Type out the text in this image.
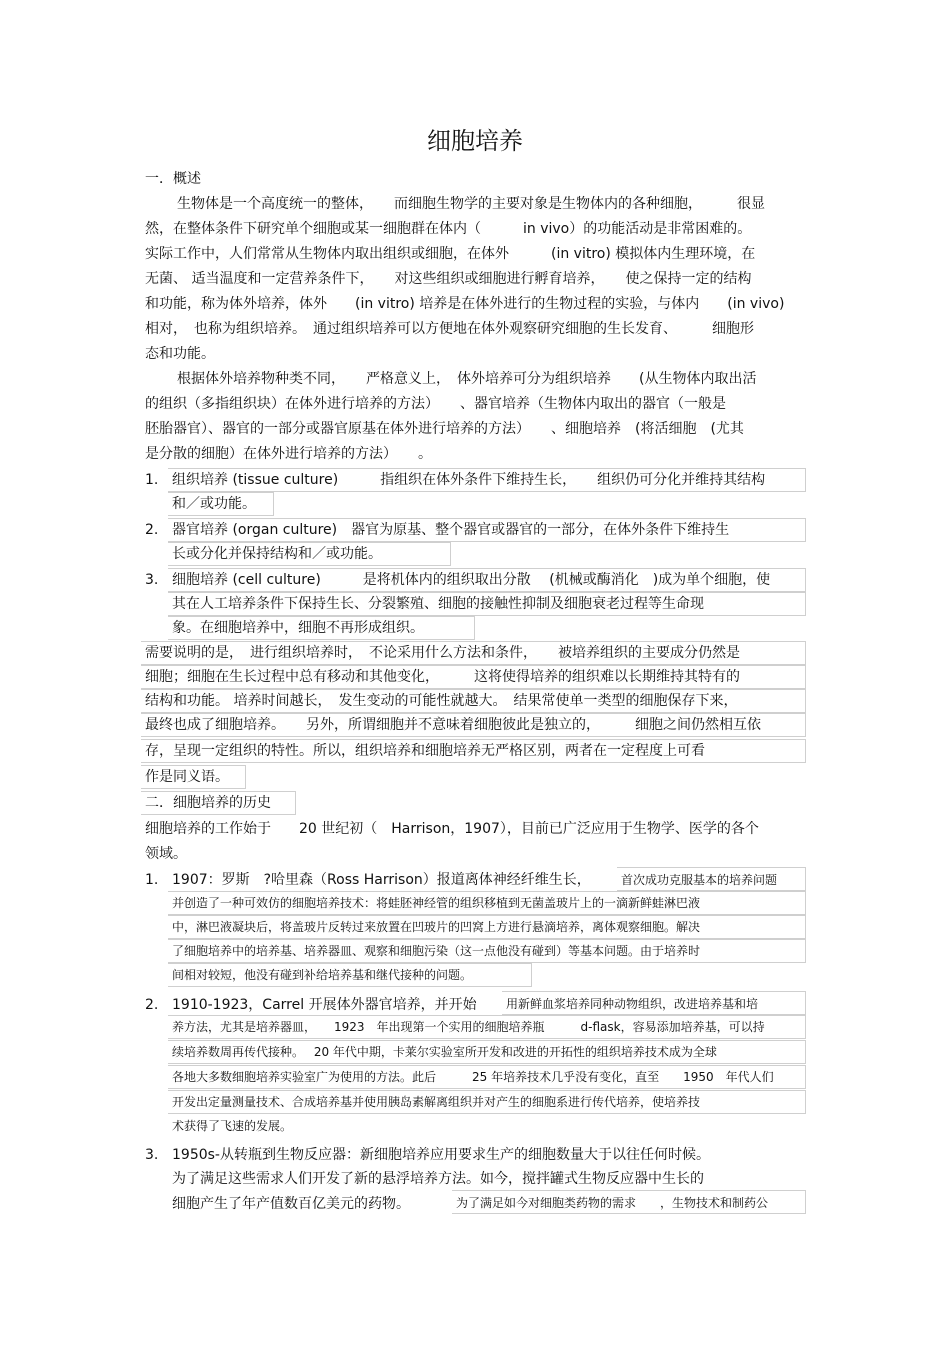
细胞培养
一．概述
生物体是一个高度统一的整体，　　而细胞生物学的主要对象是生物体内的各种细胞，　　　很显
然，在整体条件下研究单个细胞或某一细胞群在体内（　　　in vivo）的功能活动是非常困难的。
实际工作中，人们常常从生物体内取出组织或细胞，在体外　　　(in vitro) 模拟体内生理环境，在
无菌、 适当温度和一定营养条件下，　　对这些组织或细胞进行孵育培养，　　使之保持一定的结构
和功能，称为体外培养，体外　　(in vitro) 培养是在体外进行的生物过程的实验，与体内　　(in vivo)
相对，　也称为组织培养。　通过组织培养可以方便地在体外观察研究细胞的生长发育、　　　细胞形
态和功能。
根据体外培养物种类不同，　　严格意义上，　体外培养可分为组织培养　　(从生物体内取出活
的组织（多指组织块）在体外进行培养的方法）　　、器官培养（生物体内取出的器官（一般是
胚胎器官）、器官的一部分或器官原基在体外进行培养的方法）　　、细胞培养　(将活细胞　(尤其
是分散的细胞）在体外进行培养的方法）　　。
1. 组织培养 (tissue culture)　　　指组织在体外条件下维持生长，　　组织仍可分化并维持其结构
和／或功能。
2. 器官培养 (organ culture)　器官为原基、整个器官或器官的一部分，在体外条件下维持生
长或分化并保持结构和／或功能。
3. 细胞培养 (cell culture)　　　是将机体内的组织取出分散　 (机械或酶消化　)成为单个细胞，使
其在人工培养条件下保持生长、分裂繁殖、细胞的接触性抑制及细胞衰老过程等生命现
象。在细胞培养中，细胞不再形成组织。
需要说明的是，　进行组织培养时，　不论采用什么方法和条件，　　被培养组织的主要成分仍然是
细胞；细胞在生长过程中总有移动和其他变化，　　　这将使得培养的组织难以长期维持其特有的
结构和功能。 培养时间越长，　发生变动的可能性就越大。　结果常使单一类型的细胞保存下来，
最终也成了细胞培养。　　另外，所谓细胞并不意味着细胞彼此是独立的，　　　细胞之间仍然相互依
存，呈现一定组织的特性。所以，组织培养和细胞培养无严格区别，两者在一定程度上可看
作是同义语。
二．细胞培养的历史
细胞培养的工作始于　　20 世纪初（　Harrison，1907），目前已广泛应用于生物学、医学的各个
领域。
1. 1907：罗斯　?哈里森（Ross Harrison）报道离体神经纤维生长，	首次成功克服基本的培养问题
并创造了一种可效仿的细胞培养技术：将蛙胚神经管的组织移植到无菌盖玻片上的一滴新鲜蛙淋巴液
中，淋巴液凝块后，将盖玻片反转过来放置在凹玻片的凹窝上方进行悬滴培养，离体观察细胞。解决
了细胞培养中的培养基、培养器皿、观察和细胞污染（这一点他没有碰到）等基本问题。由于培养时
间相对较短，他没有碰到补给培养基和继代接种的问题。
2. 1910-1923，Carrel 开展体外器官培养，并开始 用新鲜血浆培养同种动物组织，改进培养基和培
养方法，尤其是培养器皿，　　1923　年出现第一个实用的细胞培养瓶　　　d-flask，容易添加培养基，可以持
续培养数周再传代接种。　 20 年代中期，卡莱尔实验室所开发和改进的开拓性的组织培养技术成为全球
各地大多数细胞培养实验室广为使用的方法。此后　　　25 年培养技术几乎没有变化，直至　　1950　年代人们
开发出定量测量技术、合成培养基并使用胰岛素解离组织并对产生的细胞系进行传代培养，使培养技
术获得了飞速的发展。
3. 1950s-从转瓶到生物反应器：新细胞培养应用要求生产的细胞数量大于以往任何时候。
为了满足这些需求人们开发了新的悬浮培养方法。如今，搅拌罐式生物反应器中生长的
细胞产生了年产值数百亿美元的药物。	为了满足如今对细胞类药物的需求　　，生物技术和制药公
